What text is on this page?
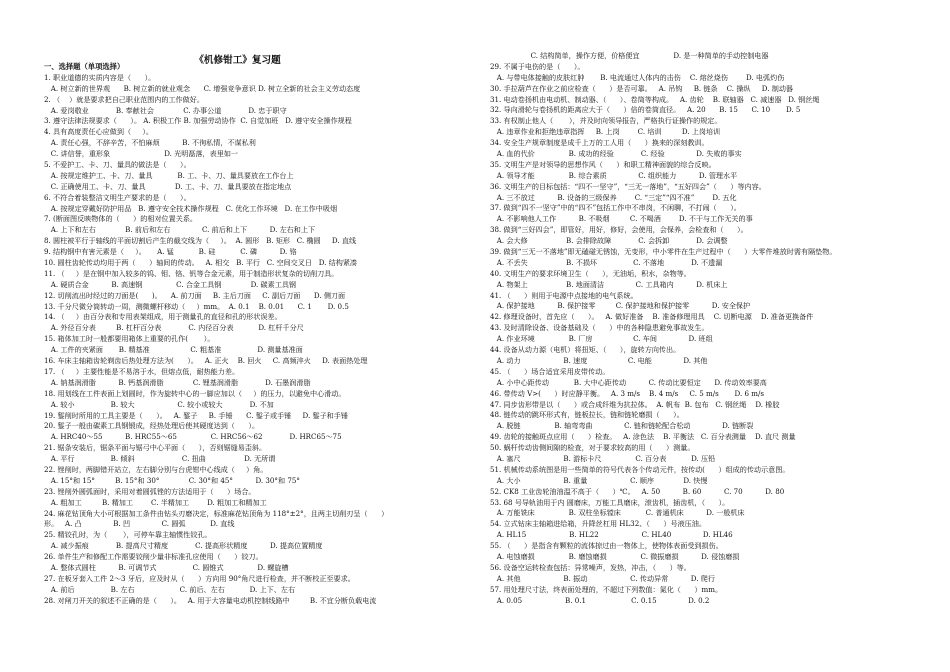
《机修钳工》复习题
一、选择题（单项选择）
1. 职业道德的实质内容是（      ）。
A. 树立新的世界观      B. 树立新的就业观念      C. 增强竞争意识 D. 树立全新的社会主义劳动态度
2. （    ）就是要求把自己职业范围内的工作做好。
A. 爱岗敬业            B. 奉献社会             C. 办事公道            D. 忠于职守
3. 遵守法律法规要求（      ）。 A. 积极工作 B. 加强劳动协作  C. 自觉加班   D. 遵守安全操作规程
4. 具有高度责任心应做到（     ）。
A. 责任心强，不辞辛苦，不怕麻烦          B. 不徇私情，不谋私利
C. 讲信誉，重形象                        D. 光明磊落，表里如一
5. 不爱护工、卡、刀、量具的做法是（      ）。
A. 按规定维护工、卡、刀、量具           B. 工、卡、刀、量具要放在工作台上
C. 正确使用工、卡、刀、量具             D. 工、卡、刀、量具要放在指定地点
6. 不符合着装整洁文明生产要求的是（      ）。
A. 按规定穿戴好防护用品   B. 遵守安全技术操作规程   C. 优化工作环境   D. 在工作中吸烟
7. (断面图反映物体的（      ）的相对位置关系。
A. 上下和左右             B. 前后和左右              C. 前后和上下          D. 左右和上下
8. 圆柱被平行于轴线的平面切割后产生的截交线为（     ）。  A. 圆形   B. 矩形   C. 椭圆     D. 直线
9. 结构钢中有害元素是（     ）。     A. 锰           B. 硅           C. 磷          D. 铬
10. 圆柱齿轮传动均用于两（      ）轴间的传动。   A. 相交   B. 平行   C. 空间交叉日   D. 结构紧凑
11. （     ）是在钢中加入较多的钨、钼、铬、钒等合金元素，用于制造形状复杂的切削刀具。
A. 硬质合金          B. 高速钢               C. 合金工具钢             D. 碳素工具钢
12. 切削流出时经过的刀面是(      )。    A. 前刀面     B. 主后刀面     C. 副后刀面      D. 侧刀面
13. 千分尺微分筒转动一周，测微螺杆移动（     ）mm。  A. 0.1    B. 0.01      C. 1       D. 0.5
14. （     ）由百分表和专用表架组成，用于测量孔的直径和孔的形状误差。
A. 外径百分表         B. 杠杆百分表            C. 内径百分表           D. 杠杆千分尺
15. 箱体加工时一般都要用箱体上重要的孔作(       ）。
A. 工件的夹紧面       B. 精基准                  C. 粗基准                D. 测量基准面
16. 车床主轴箱齿轮剃齿后热处理方法为(      ）。   A. 正火    B. 回火     C. 高频淬火     D. 表面热处理
17. （     ）主要性能是不易溶于水，但熔点低，耐热能力差。
A. 钠基润滑脂          B. 钙基润滑脂             C. 锂基润滑脂            D. 石墨润滑脂
18. 用划线在工件表面上划圆时，作为旋转中心的一脚应加以（     ）的压力，以避免中心滑动。
A. 较小                B. 较大                   C. 较小或较大            D. 不加
19. 錾削时所用的工具主要是（      ）。   A. 錾子     B. 手锤      C. 錾子或手锤     D. 錾子和手锤
20. 錾子一般由碳素工具钢锻成，经热处理后使其硬度达到（      ）。
A. HRC40～55          B. HRC55～65               C. HRC56～62            D. HRC65～75
21. 锯条安装后，锯条平面与锯弓中心平面（      ），否则锯缝易歪斜。
A. 平行                B. 倾斜                     C. 扭曲                 D. 无所谓
22. 锉削时，两脚错开站立，左右脚分别与台虎钳中心线成（     ）角。
A. 15°和 15°         B. 15°和 30°             C. 30°和 45°          D. 30°和 75°
23. 锉削外圆弧面时，采用对着圆弧锉的方法适用于（      ）场合。
A. 粗加工         B. 精加工        C. 半精加工        D. 粗加工和精加工
24. 麻花钻顶角大小可根据加工条件由钻头刃磨决定，标准麻花钻顶角为 118°±2°，且两主切削刃呈（      ）
形。   A. 凸              B. 凹              C. 圆弧           D. 直线
25. 精铰孔时，为（       ），可停车靠主轴惯性铰孔。
A. 减少振痕            B. 提高尺寸精度            C. 提高形状精度          D. 提高位置精度
26. 单件生产和修配工作需要铰削少量非标准孔应使用（      ）铰刀。
A. 整体式圆柱          B. 可调节式                C. 圆锥式               D. 螺旋槽
27. 在板牙套入工件 2～3 牙后，应及时从（      ）方向用 90°角尺进行检查，并不断校正至要求。
A. 前后                B. 左右                    C. 前后、左右           D. 上下、左右
28. 对闸刀开关的叙述不正确的是（      ）。   A. 用于大容量电动机控制线路中         B. 不宜分断负载电流
C. 结构简单，操作方便，价格便宜               D. 是一种简单的手动控制电器
29. 不属于电伤的是（      ）。
A. 与带电体接触的皮肤红肿       B. 电流通过人体内的击伤    C. 熔丝烧伤        D. 电弧灼伤
30. 手拉葫芦在作业之前应检查（      ）是否可靠。   A. 吊钩     B. 链条    C. 操纵     D. 制动器
31. 电动卷扬机由电动机、制动器、（      ）、卷筒等构成。   A. 齿轮    B. 联轴器   C. 减速器   D. 钢丝绳
32. 导向滑轮与卷扬机的距离应大于（      ）倍的卷筒直径。   A. 20      B. 15      C. 10       D. 5
33. 有权制止他人（       ），并及时向领导报告，严格执行证操作的规定。
A. 违章作业和拒绝违章指挥     B. 上岗        C. 培训         D. 上岗培训
34. 安全生产规章制度是成千上万的工人用（      ）换来的深刻教训。
A. 血的代价               B. 成功的经验            C. 经验              D. 失败的事实
35. 文明生产是对领导的思想作风（      ）和职工精神面貌的综合反映。
A. 领导才能               B. 综合素质              C. 组织能力          D. 管理水平
36. 文明生产的目标包括：“四不一坚守”，“三无一落地”，“五好四会”（      ）等内容。
A. 三不放过          B. 设备的三级保养        C. “三定”“四不准”        D. 五化
37. 做到“四不一坚守”中的“四不”包括工作中不串岗，不闲聊，不打闹（      ）。
A. 不影响他人工作          B. 不吸烟         C. 不喝酒        D. 不干与工作无关的事
38. 做到“三好四会”，即管好，用好，修好，会使用，会保养，会检查和（      ）。
A. 会大修                 B. 会排除故障            C. 会拆卸            D. 会调整
39. 做到“三无一不落地”即无磕碰无锈蚀，无变形，中小零件在生产过程中（      ）大零件堆放时需有隔垫物。
A. 不丢失                 B. 不损坏                C. 不落地            D. 不遗漏
40. 文明生产的要求环境卫生（      ），无油垢，积水，杂物等。
A. 物架上                 B. 地面清洁              C. 工具箱内          D. 机床上
41. （      ）则用于电源中点接地的电气系统。
A. 保护接地          B. 保护接零         C. 保护接地和保护接零          D. 安全保护
42. 修理设备时，首先应（      ）。   A. 做好准备    B. 准备修理用具    C. 切断电源    D. 准备更换备件
43. 及时清除设备、设备基础及（      ）中的各种隐患避免事故发生。
A. 作业环境               B. 厂房                  C. 车间              D. 班组
44. 设备从动力源（电机）将扭矩、（      ），旋转方向传出。
A. 动力                   B. 速度                  C. 电能              D. 其他
45. （      ）场合适宜采用皮带传动。
A. 小中心距传动           B. 大中心距传动          C. 传动比要恒定      D. 传动效率要高
46. 带传动 V>(      ）时应静平衡。   A. 3 m/s    B. 4 m/s     C. 5 m/s       D. 6 m/s
47. 同步齿形带是以（      ）或合成纤维为抗拉体。  A. 帆布  B. 包布   C. 钢丝绳    D. 橡胶
48. 链传动的跳环形式有，链板拉长，链和链轮磨损（      ）。
A. 脱链               B. 轴弯弯曲              C. 链和链轮配合松动              D. 链断裂
49. 齿轮的接触斑点应用（      ）检查。   A. 涂色法    B. 平衡法   C. 百分表测量    D. 直尺 测量
50. 蜗杆传动齿侧间隙的检查，对于要求较高的用（      ）测量。
A. 塞尺                   B. 游标卡尺               C. 百分表           D. 压铅
51. 机械传动系统图是用一些简单的符号代表各个传动元件，按传动(      ）组成的传动示意图。
A. 大小                   B. 重量                   C. 顺序             D. 快慢
52. CK8 工业齿轮油油温不高于（      ）℃。   A. 50          B. 60          C. 70          D. 80
53. 68 号导轨油用于内 圆磨床，万能工具磨床，滚齿机，插齿机，（      ）。
A. 万能铣床               B. 双柱坐标镗床           C. 普通机床          D. 一般机床
54. 立式钻床主轴箱进给箱，升降丝杠用 HL32、（      ）号液压油。
A. HL15                   B. HL22                   C. HL40              D. HL46
55. （      ）是指含有颗粒的流体掠过由一物体上，使物体表面受到损伤。
A. 电蚀磨损               B. 磨蚀磨损               C. 微振磨损          D. 侵蚀磨损
56. 设备空运转检查包括：异常噪声，发热，冲击，（      ）等。
A. 其他                   B. 振动                   C. 传动异常          D. 爬行
57. 用处理尺寸法，终表面处理的，不超过下列数值：氮化（      ）mm。
A. 0.05                   B. 0.1                    C. 0.15              D. 0.2
